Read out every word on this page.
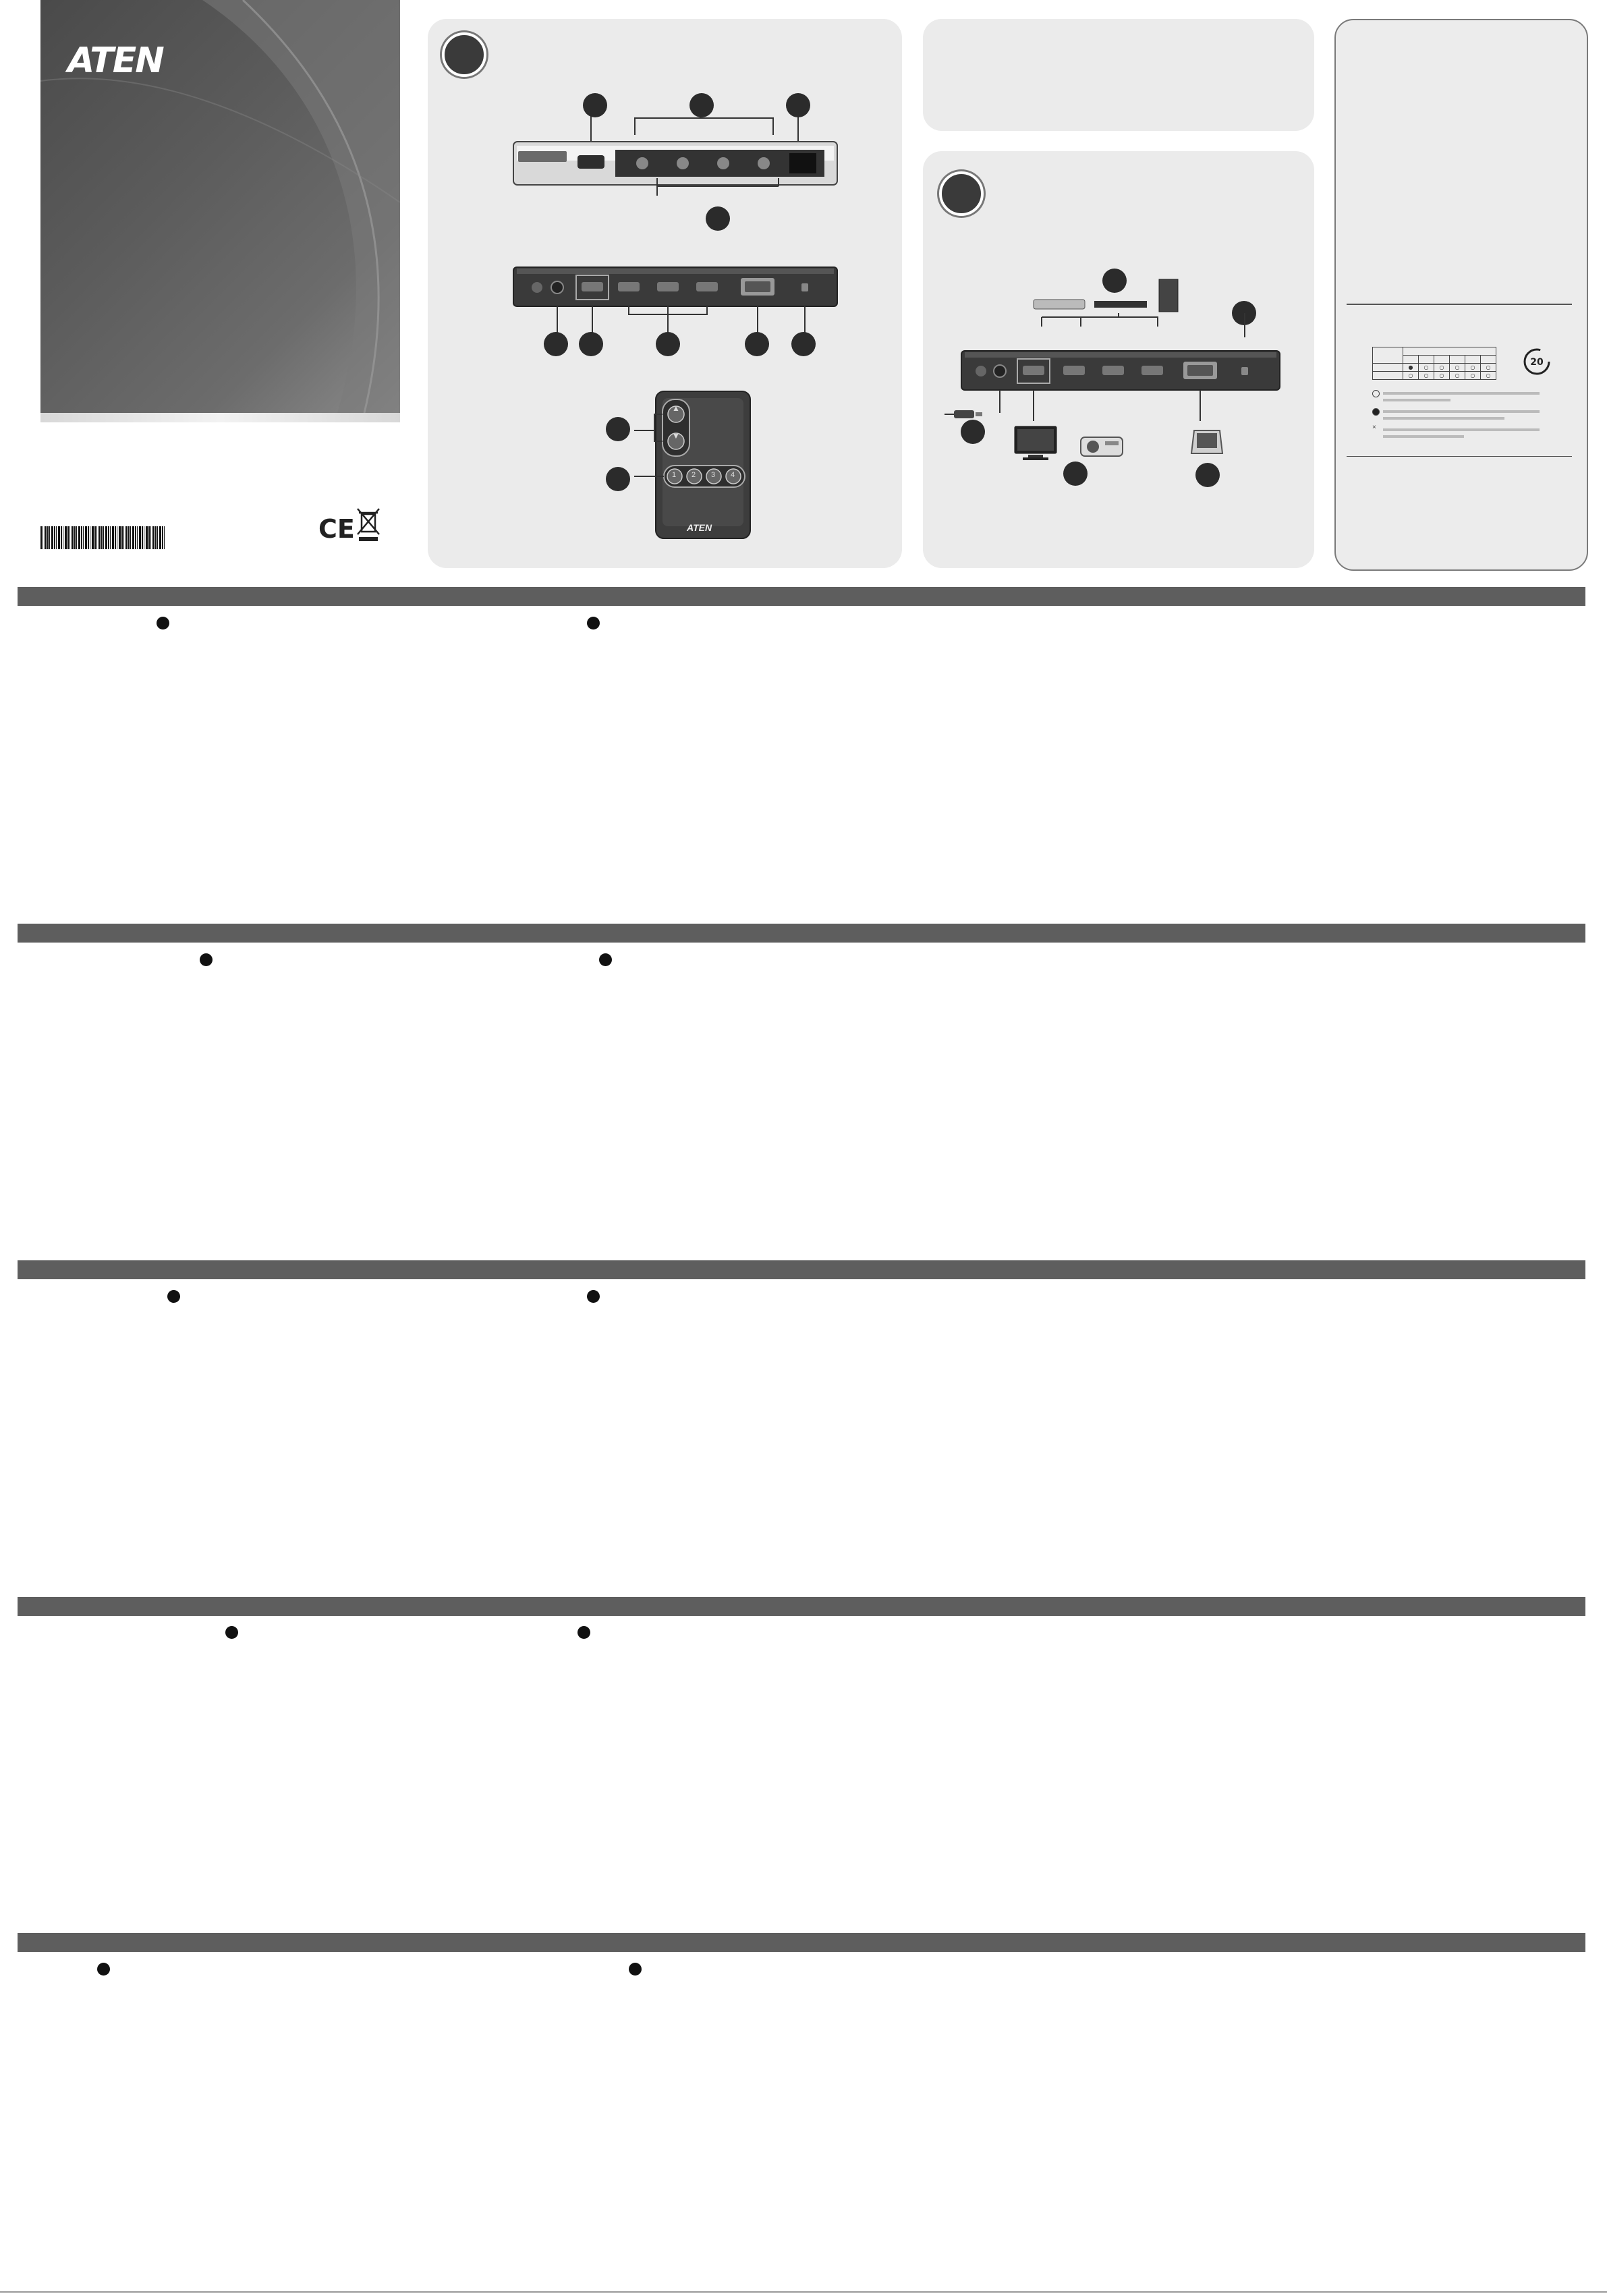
ATEN
CE
▲
▼
1 2 3 4
ATEN

	●	○	○	○	○	○
	○	○	○	○	○	○
20
×
